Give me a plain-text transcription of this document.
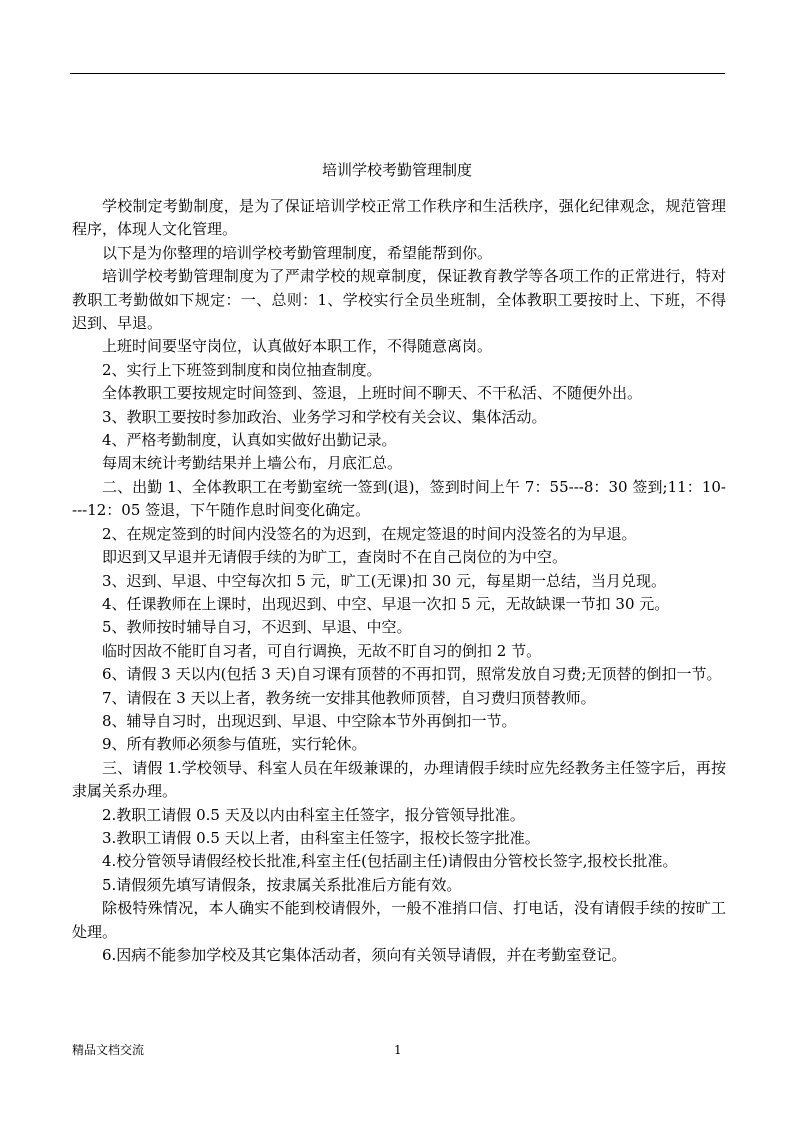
培训学校考勤管理制度

学校制定考勤制度，是为了保证培训学校正常工作秩序和生活秩序，强化纪律观念，规范管理程序，体现人文化管理。

以下是为你整理的培训学校考勤管理制度，希望能帮到你。

培训学校考勤管理制度为了严肃学校的规章制度，保证教育教学等各项工作的正常进行，特对教职工考勤做如下规定：一、总则：1、学校实行全员坐班制，全体教职工要按时上、下班，不得迟到、早退。

上班时间要坚守岗位，认真做好本职工作，不得随意离岗。

2、实行上下班签到制度和岗位抽查制度。

全体教职工要按规定时间签到、签退，上班时间不聊天、不干私活、不随便外出。

3、教职工要按时参加政治、业务学习和学校有关会议、集体活动。

4、严格考勤制度，认真如实做好出勤记录。

每周末统计考勤结果并上墙公布，月底汇总。

二、出勤 1、全体教职工在考勤室统一签到(退)，签到时间上午 7：55---8：30 签到;11：10----12：05 签退，下午随作息时间变化确定。

2、在规定签到的时间内没签名的为迟到，在规定签退的时间内没签名的为早退。

即迟到又早退并无请假手续的为旷工，查岗时不在自己岗位的为中空。

3、迟到、早退、中空每次扣 5 元，旷工(无课)扣 30 元，每星期一总结，当月兑现。

4、任课教师在上课时，出现迟到、中空、早退一次扣 5 元，无故缺课一节扣 30 元。

5、教师按时辅导自习，不迟到、早退、中空。

临时因故不能盯自习者，可自行调换，无故不盯自习的倒扣 2 节。

6、请假 3 天以内(包括 3 天)自习课有顶替的不再扣罚，照常发放自习费;无顶替的倒扣一节。

7、请假在 3 天以上者，教务统一安排其他教师顶替，自习费归顶替教师。

8、辅导自习时，出现迟到、早退、中空除本节外再倒扣一节。

9、所有教师必须参与值班，实行轮休。

三、请假 1.学校领导、科室人员在年级兼课的，办理请假手续时应先经教务主任签字后，再按隶属关系办理。

2.教职工请假 0.5 天及以内由科室主任签字，报分管领导批准。

3.教职工请假 0.5 天以上者，由科室主任签字，报校长签字批准。

4.校分管领导请假经校长批准,科室主任(包括副主任)请假由分管校长签字,报校长批准。

5.请假须先填写请假条，按隶属关系批准后方能有效。

除极特殊情况，本人确实不能到校请假外，一般不准捎口信、打电话，没有请假手续的按旷工处理。

6.因病不能参加学校及其它集体活动者，须向有关领导请假，并在考勤室登记。

精品文档交流	1
